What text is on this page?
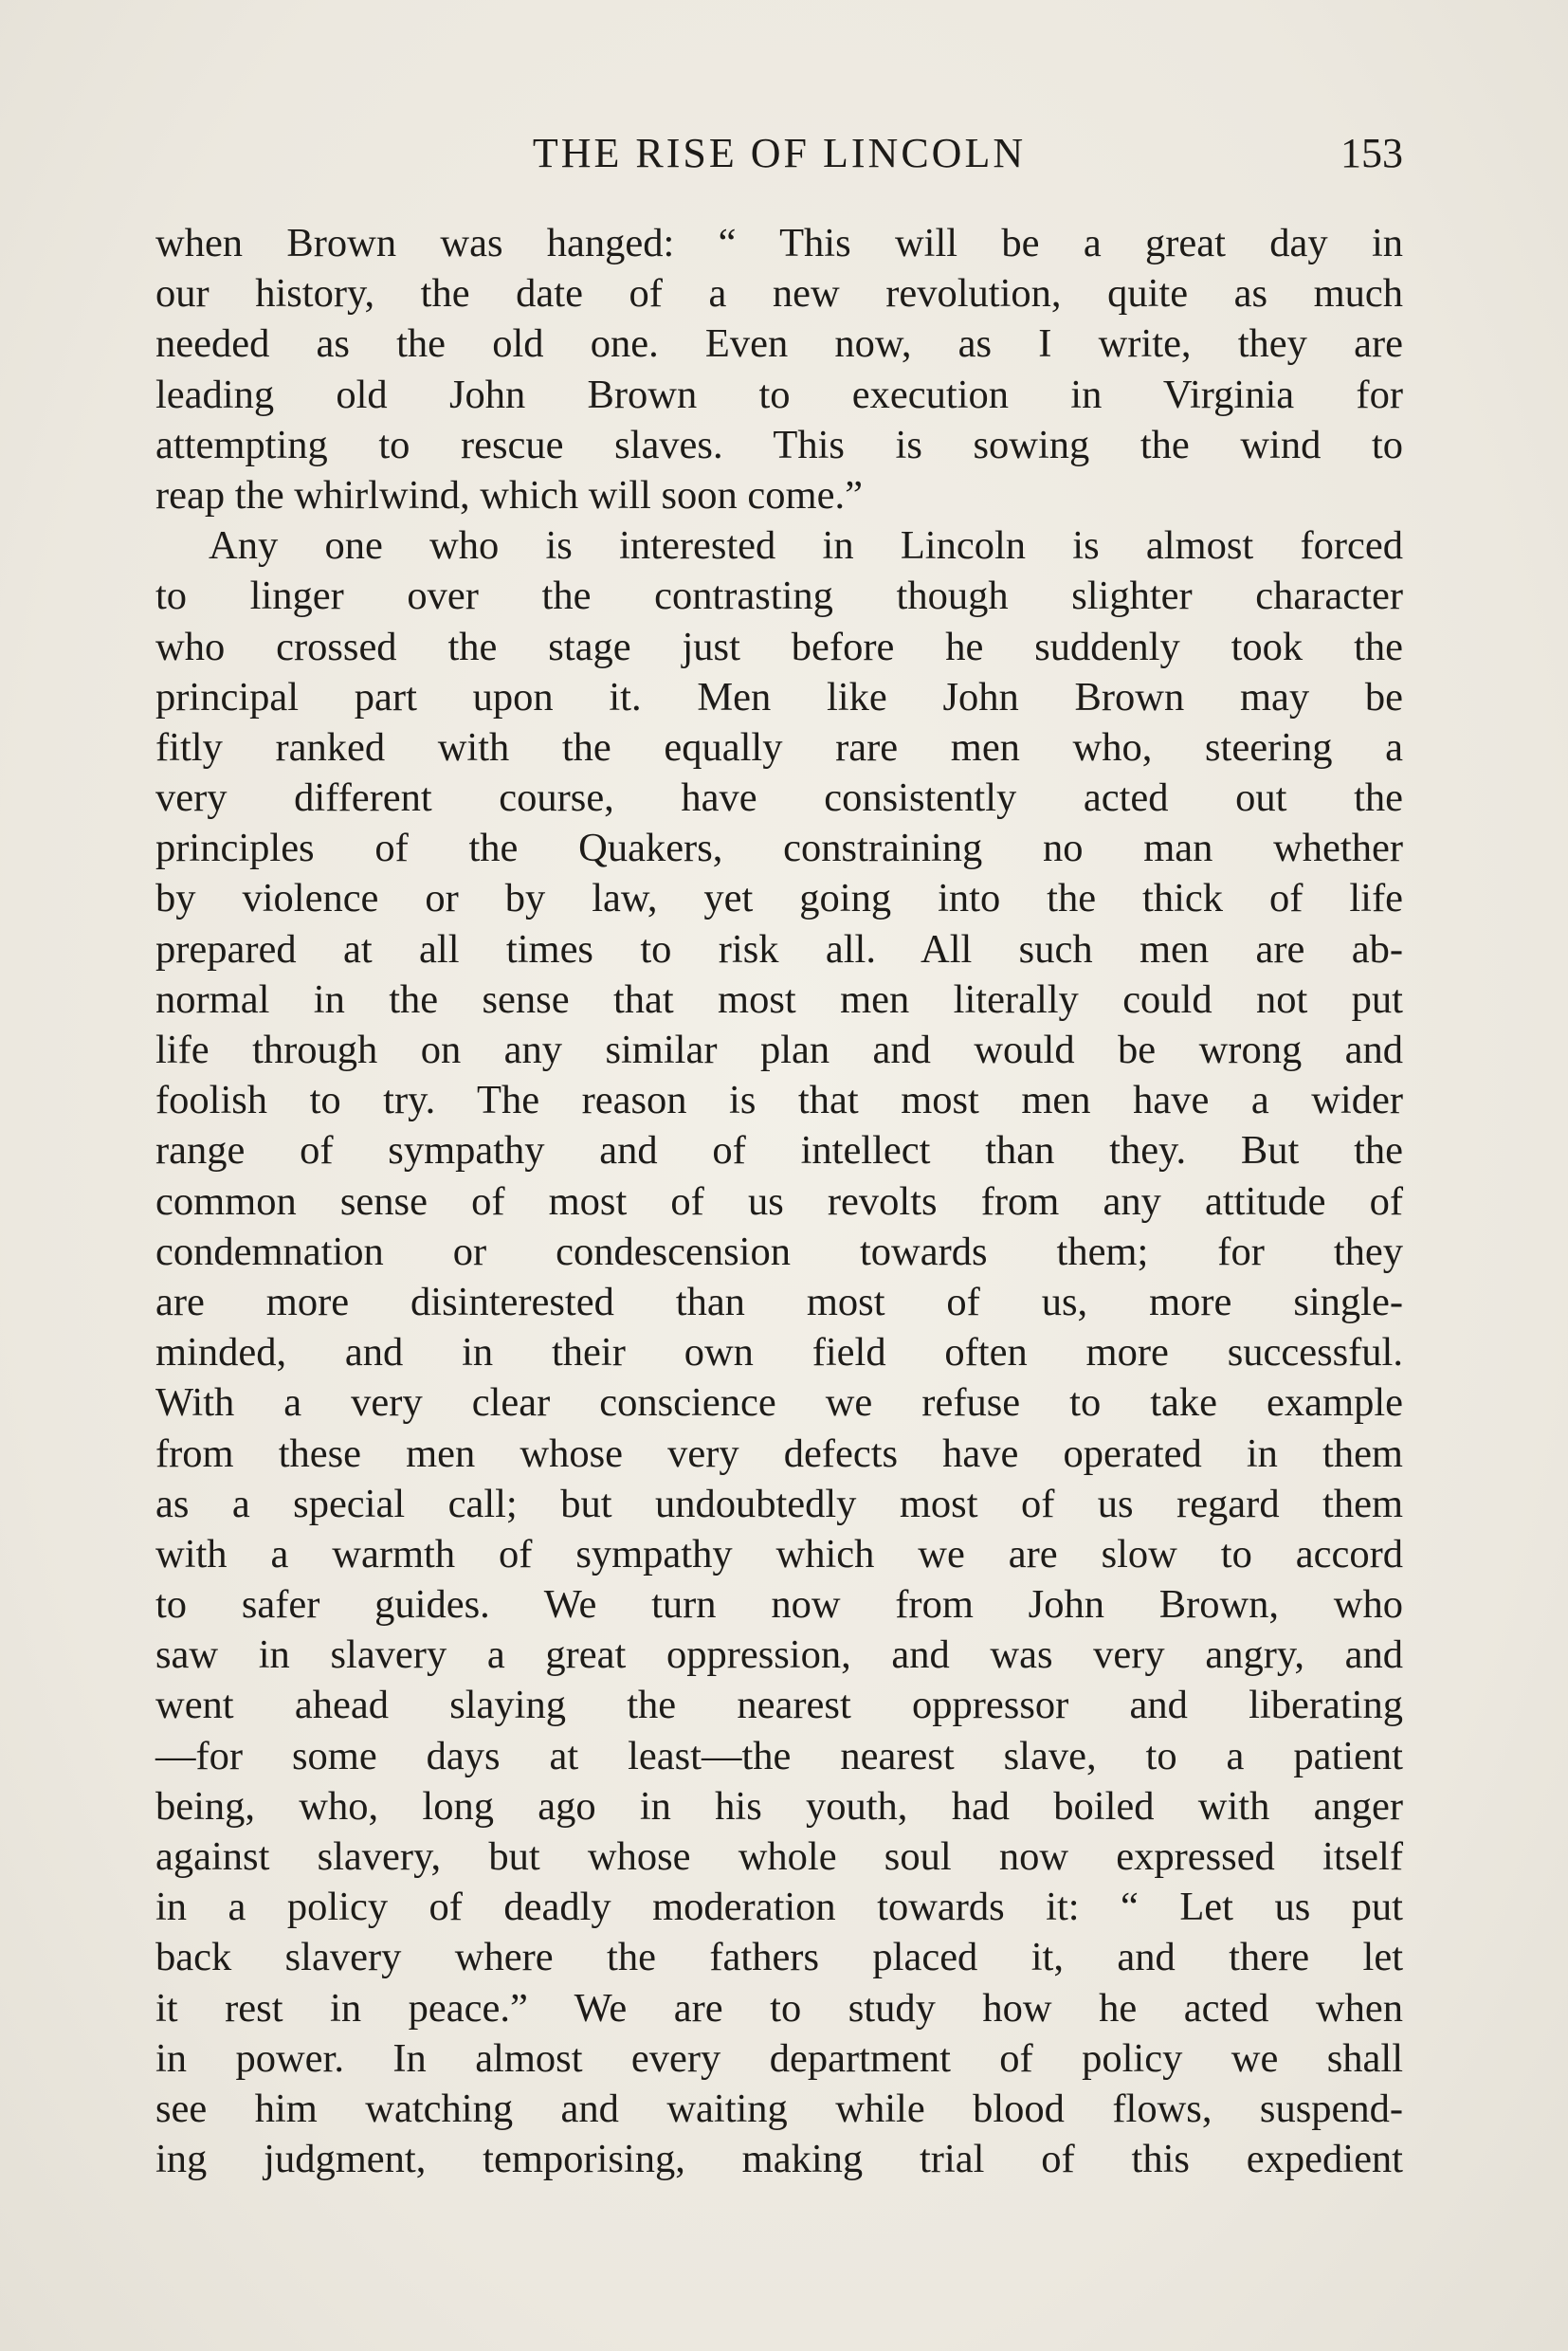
THE RISE OF LINCOLN	153
when Brown was hanged: “ This will be a great day in
our history, the date of a new revolution, quite as much
needed as the old one. Even now, as I write, they are
leading old John Brown to execution in Virginia for
attempting to rescue slaves. This is sowing the wind to
reap the whirlwind, which will soon come.”
Any one who is interested in Lincoln is almost forced
to linger over the contrasting though slighter character
who crossed the stage just before he suddenly took the
principal part upon it. Men like John Brown may be
fitly ranked with the equally rare men who, steering a
very different course, have consistently acted out the
principles of the Quakers, constraining no man whether
by violence or by law, yet going into the thick of life
prepared at all times to risk all. All such men are ab-
normal in the sense that most men literally could not put
life through on any similar plan and would be wrong and
foolish to try. The reason is that most men have a wider
range of sympathy and of intellect than they. But the
common sense of most of us revolts from any attitude of
condemnation or condescension towards them; for they
are more disinterested than most of us, more single-
minded, and in their own field often more successful.
With a very clear conscience we refuse to take example
from these men whose very defects have operated in them
as a special call; but undoubtedly most of us regard them
with a warmth of sympathy which we are slow to accord
to safer guides. We turn now from John Brown, who
saw in slavery a great oppression, and was very angry, and
went ahead slaying the nearest oppressor and liberating
—for some days at least—the nearest slave, to a patient
being, who, long ago in his youth, had boiled with anger
against slavery, but whose whole soul now expressed itself
in a policy of deadly moderation towards it: “ Let us put
back slavery where the fathers placed it, and there let
it rest in peace.” We are to study how he acted when
in power. In almost every department of policy we shall
see him watching and waiting while blood flows, suspend-
ing judgment, temporising, making trial of this expedient
